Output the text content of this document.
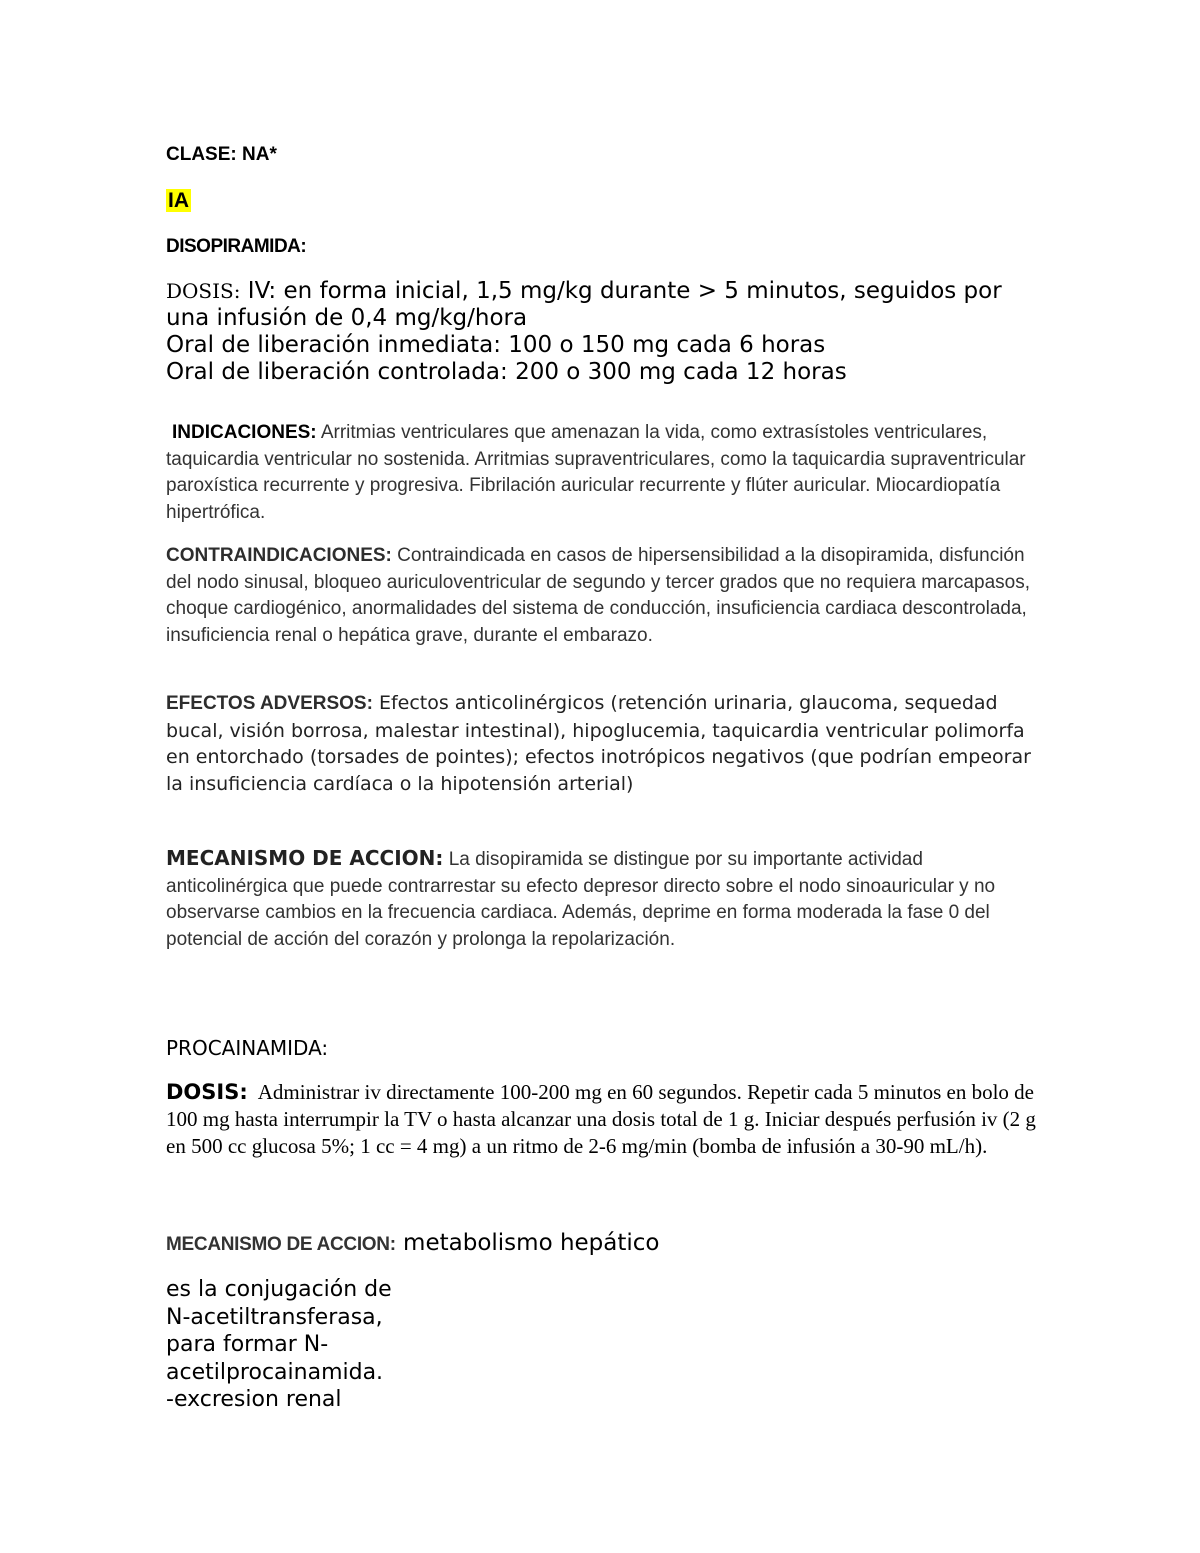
CLASE: NA*

IA

DISOPIRAMIDA:

DOSIS: IV: en forma inicial, 1,5 mg/kg durante > 5 minutos, seguidos por una infusión de 0,4 mg/kg/hora
Oral de liberación inmediata: 100 o 150 mg cada 6 horas
Oral de liberación controlada: 200 o 300 mg cada 12 horas

INDICACIONES: Arritmias ventriculares que amenazan la vida, como extrasístoles ventriculares, taquicardia ventricular no sostenida. Arritmias supraventriculares, como la taquicardia supraventricular paroxística recurrente y progresiva. Fibrilación auricular recurrente y flúter auricular. Miocardiopatía hipertrófica.

CONTRAINDICACIONES: Contraindicada en casos de hipersensibilidad a la disopiramida, disfunción del nodo sinusal, bloqueo auriculoventricular de segundo y tercer grados que no requiera marcapasos, choque cardiogénico, anormalidades del sistema de conducción, insuficiencia cardiaca descontrolada, insuficiencia renal o hepática grave, durante el embarazo.

EFECTOS ADVERSOS: Efectos anticolinérgicos (retención urinaria, glaucoma, sequedad bucal, visión borrosa, malestar intestinal), hipoglucemia, taquicardia ventricular polimorfa en entorchado (torsades de pointes); efectos inotrópicos negativos (que podrían empeorar la insuficiencia cardíaca o la hipotensión arterial)

MECANISMO DE ACCION: La disopiramida se distingue por su importante actividad anticolinérgica que puede contrarrestar su efecto depresor directo sobre el nodo sinoauricular y no observarse cambios en la frecuencia cardiaca. Además, deprime en forma moderada la fase 0 del potencial de acción del corazón y prolonga la repolarización.

PROCAINAMIDA:

DOSIS: Administrar iv directamente 100-200 mg en 60 segundos. Repetir cada 5 minutos en bolo de 100 mg hasta interrumpir la TV o hasta alcanzar una dosis total de 1 g. Iniciar después perfusión iv (2 g en 500 cc glucosa 5%; 1 cc = 4 mg) a un ritmo de 2-6 mg/min (bomba de infusión a 30-90 mL/h).

MECANISMO DE ACCION: metabolismo hepático

es la conjugación de
N-acetiltransferasa,
para formar N-
acetilprocainamida.
-excresion renal
